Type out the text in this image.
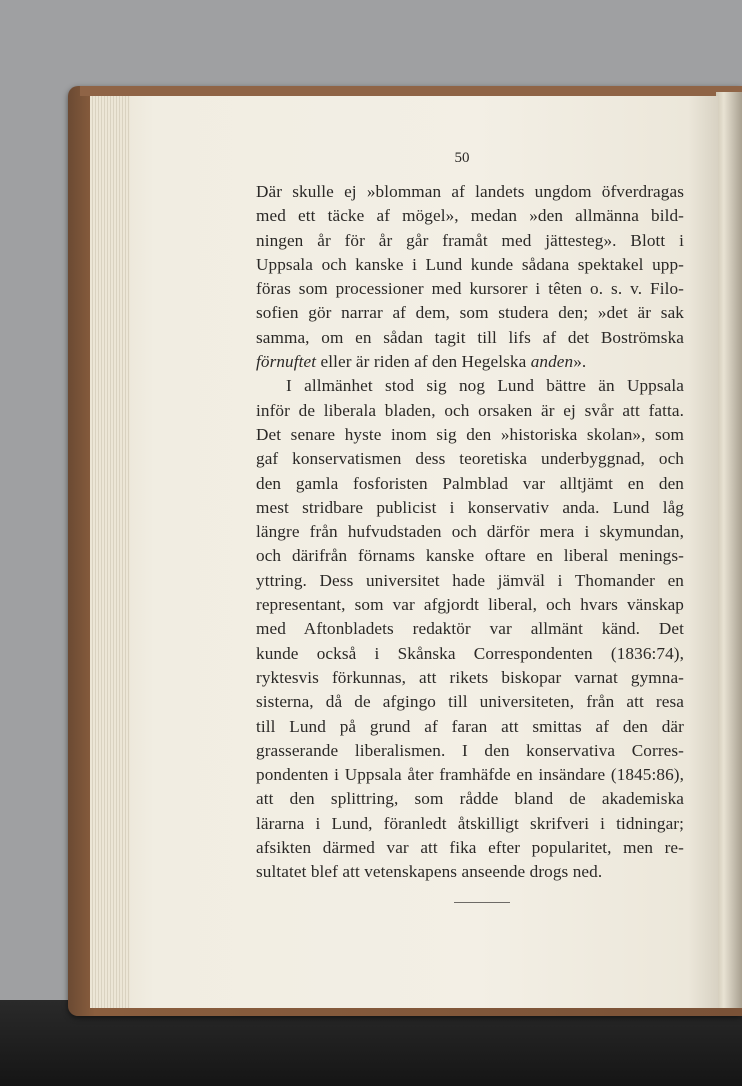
50
Där skulle ej »blomman af landets ungdom öfverdragas
med ett täcke af mögel», medan »den allmänna bild-
ningen år för år går framåt med jättesteg». Blott i
Uppsala och kanske i Lund kunde sådana spektakel upp-
föras som processioner med kursorer i têten o. s. v. Filo-
sofien gör narrar af dem, som studera den; »det är sak
samma, om en sådan tagit till lifs af det Boströmska
förnuftet eller är riden af den Hegelska anden».
I allmänhet stod sig nog Lund bättre än Uppsala
inför de liberala bladen, och orsaken är ej svår att fatta.
Det senare hyste inom sig den »historiska skolan», som
gaf konservatismen dess teoretiska underbyggnad, och
den gamla fosforisten Palmblad var alltjämt en den
mest stridbare publicist i konservativ anda. Lund låg
längre från hufvudstaden och därför mera i skymundan,
och därifrån förnams kanske oftare en liberal menings-
yttring. Dess universitet hade jämväl i Thomander en
representant, som var afgjordt liberal, och hvars vänskap
med Aftonbladets redaktör var allmänt känd. Det
kunde också i Skånska Correspondenten (1836:74),
ryktesvis förkunnas, att rikets biskopar varnat gymna-
sisterna, då de afgingo till universiteten, från att resa
till Lund på grund af faran att smittas af den där
grasserande liberalismen. I den konservativa Corres-
pondenten i Uppsala åter framhäfde en insändare (1845:86),
att den splittring, som rådde bland de akademiska
lärarna i Lund, föranledt åtskilligt skrifveri i tidningar;
afsikten därmed var att fika efter popularitet, men re-
sultatet blef att vetenskapens anseende drogs ned.
